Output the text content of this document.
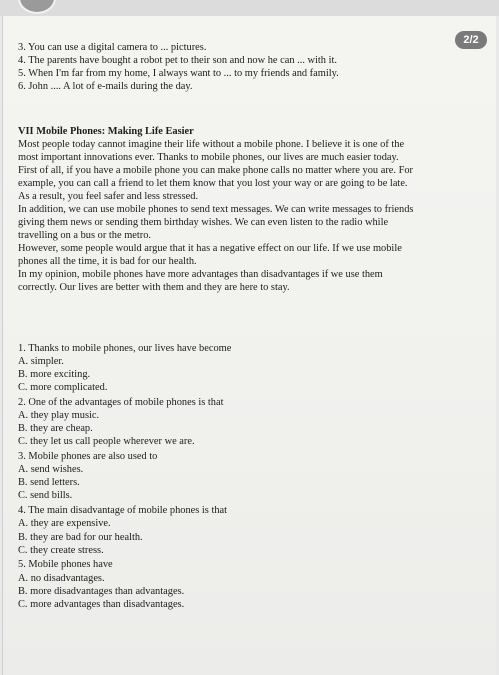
2/2
3. You can use a digital camera to ... pictures.
4. The parents have bought a robot pet to their son and now he can ... with it.
5. When I'm far from my home, I always want to ... to my friends and family.
6. John .... A lot of e-mails during the day.
VII Mobile Phones: Making Life Easier
Most people today cannot imagine their life without a mobile phone. I believe it is one of the
most important innovations ever. Thanks to mobile phones, our lives are much easier today.
First of all, if you have a mobile phone you can make phone calls no matter where you are. For
example, you can call a friend to let them know that you lost your way or are going to be late.
As a result, you feel safer and less stressed.
In addition, we can use mobile phones to send text messages. We can write messages to friends
giving them news or sending them birthday wishes. We can even listen to the radio while
travelling on a bus or the metro.
However, some people would argue that it has a negative effect on our life. If we use mobile
phones all the time, it is bad for our health.
In my opinion, mobile phones have more advantages than disadvantages if we use them
correctly. Our lives are better with them and they are here to stay.
1. Thanks to mobile phones, our lives have become
A. simpler.
B. more exciting.
C. more complicated.
2. One of the advantages of mobile phones is that
A. they play music.
B. they are cheap.
C. they let us call people wherever we are.
3. Mobile phones are also used to
A. send wishes.
B. send letters.
C. send bills.
4. The main disadvantage of mobile phones is that
A. they are expensive.
B. they are bad for our health.
C. they create stress.
5. Mobile phones have
A. no disadvantages.
B. more disadvantages than advantages.
C. more advantages than disadvantages.
